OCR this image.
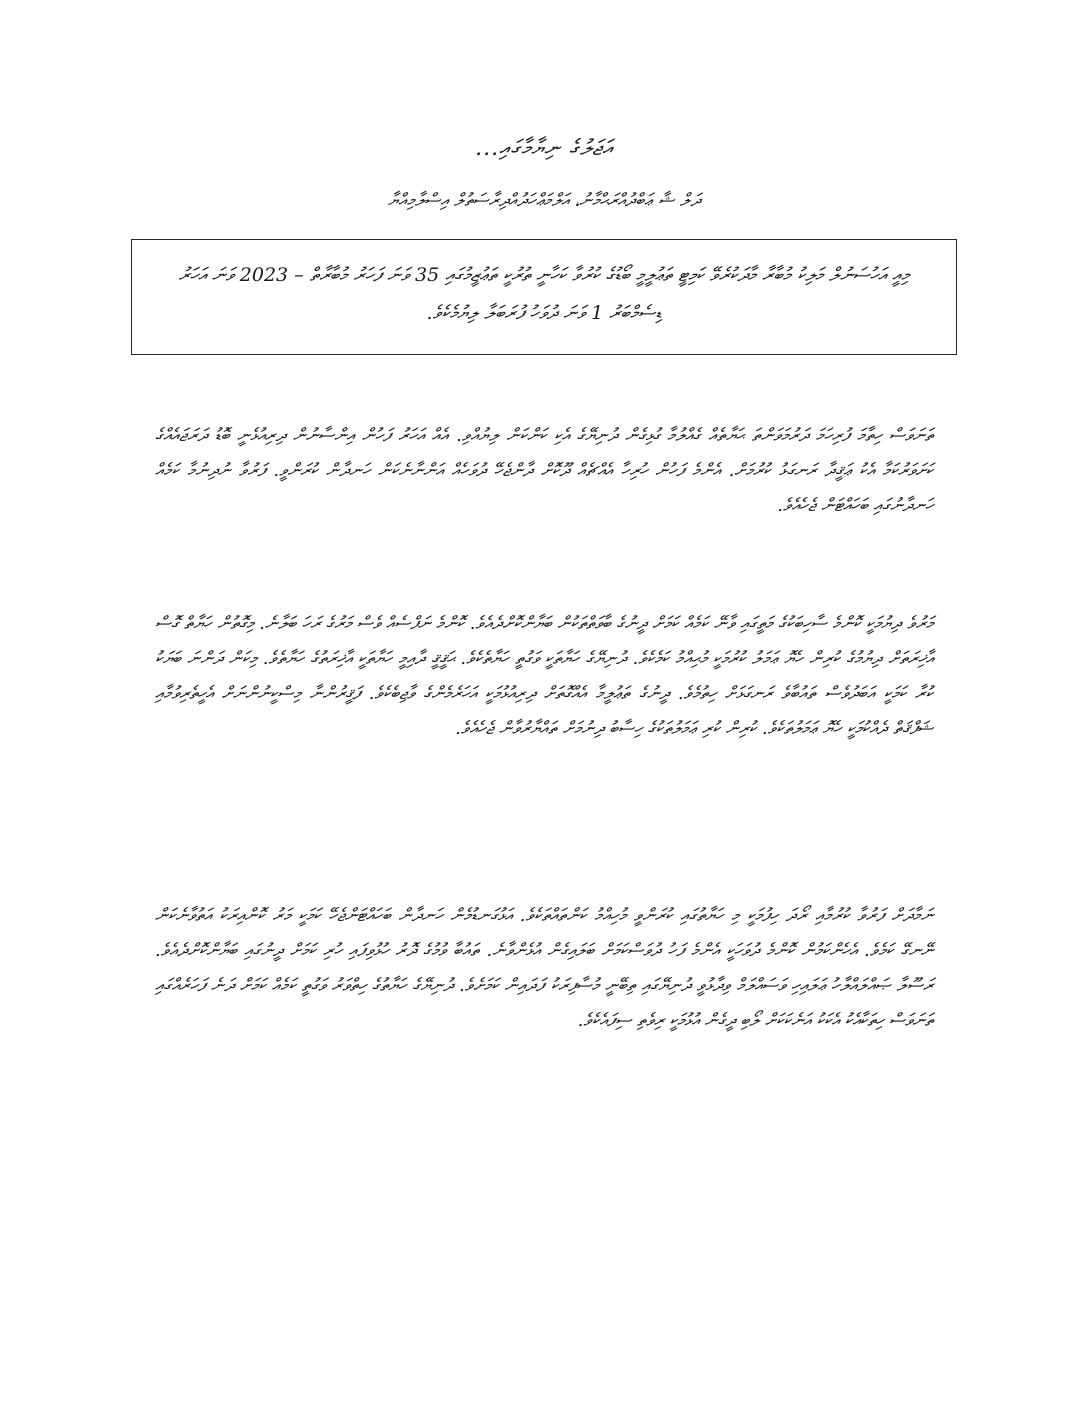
އަޖަލުގެ ނިޔާމާގައި...
ދަލް ޝާ ޢަބްދުއްރަޙްމާނު، އަލްމަޢްހަދުއްދިރާސަތުލް އިސްލާމިއްޔާ
މިއީ އަހުސަނުލް މަލިކު މުބާރާ މާދަކުރެވޭ ކަމިޓީ ތަޢުލީމީ ބޯޑުގެ ކުރުވާ ކަހާނީ ތުރުކީ ތަޢުޒީމުގައި 35 ވަނަ ފަހަރު މުބާރާތް – 2023 ވަނަ އަހަރު ޑިސެމްބަރު 1 ވަނަ ދުވަހު ފުރަބަލާ ލިޔުމެކެވެ.
ތަނަވަސް ހިތާމަ ފުރިހަމަ ދަރުމަވަންތަ ޙަޔާތެއް ގެއްލުމާ ގުޅިގެން ދުނިޔޭގެ އެކި ކަންކަން ލިޔުއްވި. އެއް އަހަރު ފަހުން އިންސާނުން ދިރިއުޅެނީ ބޮޑު ދަރަޖައެއްގެ ކަށަވަރުކަމާ އެކު ޢަޤީދާ ރަނގަޅު ކުރުމަށް. އެންމެ ފަހުން ހުރިހާ އެއްޗެއް ދޫކޮށް ދާންޖެހޭ ދުވަހެއް އަންނާނެކަން ހަނދާން ކުރަންވީ. ފަރުވާ ނުދިނުމާ ކަމެއް ހަނދާނުގައި ބަހައްޓަން ޖެހެއެވެ.
މަރުވެ ދިޔުމަކީ ކޮންމެ ސާހިބަކުގެ މަތީގައި ވާނޭ ކަމެއް ކަމަށް ދީނުގެ ބާވަތްތަކުން ބަޔާންކޮށްދެއެވެ. ކޮންމެ ނަފްސެއް ވެސް މަރުގެ ރަހަ ބަލާނެ. މިގޮތުން ހަޔާތް ގޮސް އާޚިރަތަށް ދިޔުމުގެ ކުރިން ހެޔޮ ޢަމަލު ކުރުމަކީ މުޙިއްމު ކަމެކެވެ. ދުނިޔޭގެ ހަޔާތަކީ ވަގުތީ ހަޔާތެކެވެ. ޙަޤީޤީ ދާއިމީ ހަޔާތަކީ އާޚިރަތުގެ ހަޔާތެވެ. މިކަން ދަންނަ ބަޔަކު ކުރާ ކަމަކީ އަބަދުވެސް ތައުބާވެ ރަނގަޅަށް ހިތުމެވެ. ދީނުގެ ތަޢުލީމާ އެއްގޮތަށް ދިރިއުޅުމަކީ އަހަރެމެންގެ ވާޖިބެކެވެ. ފަޤީރުންނާ މިސްކީނުންނަށް އެހީތެރިވުމާއި ޝަފްޤަތް ދެއްކުމަކީ ހެޔޮ ޢަމަލުތަކެވެ. ކުރިން ކުރި ޢަމަލުތަކުގެ ހިސާބު ދިނުމަށް ތައްޔާރުވާން ޖެހެއެވެ.
ނަމާދަށް ފަރުވާ ކުރުމާއި ރޯދަ ހިފުމަކީ މި ހަޔާތުގައި ކުރަންވީ މުހިއްމު ކަންތައްތަކެވެ. އަޅުގަނޑުމެން ހަނދާން ބަހައްޓަންޖެހޭ ކަމަކީ މަރު ކޮންއިރަކު އަތުވާނެކަން ނޭނގޭ ކަމެވެ. އެހެންކަމުން ކޮންމެ ދުވަހަކީ އެންމެ ފަހު ދުވަސްކަމަށް ބަލައިގެން އުޅެންވާނެ. ތައުބާ ވުމުގެ ދޮރު ހުޅުވިފައި ހުރި ކަމަށް ދީނުގައި ބަޔާންކޮށްދެއެވެ. ރަސޫލާ ޞައްލައްލާހު ޢަލައިހި ވަސައްލަމް ވިދާޅުވީ ދުނިޔޭގައި ތިބޭނީ މުސާފިރަކު ފަދައިން ކަމަށެވެ. ދުނިޔޭގެ ހަޔާތުގެ ހިތްވަރު ވަގުތީ ކަމެއް ކަމަށް ދަނެ ފަހަރެއްގައި ތަނަވަސް ހިތަކާއެކު އެކަކު އަނެކަކަށް ލޯބި ދީގެން އުޅުމަކީ ރިވެތި ސިފައެކެވެ.
